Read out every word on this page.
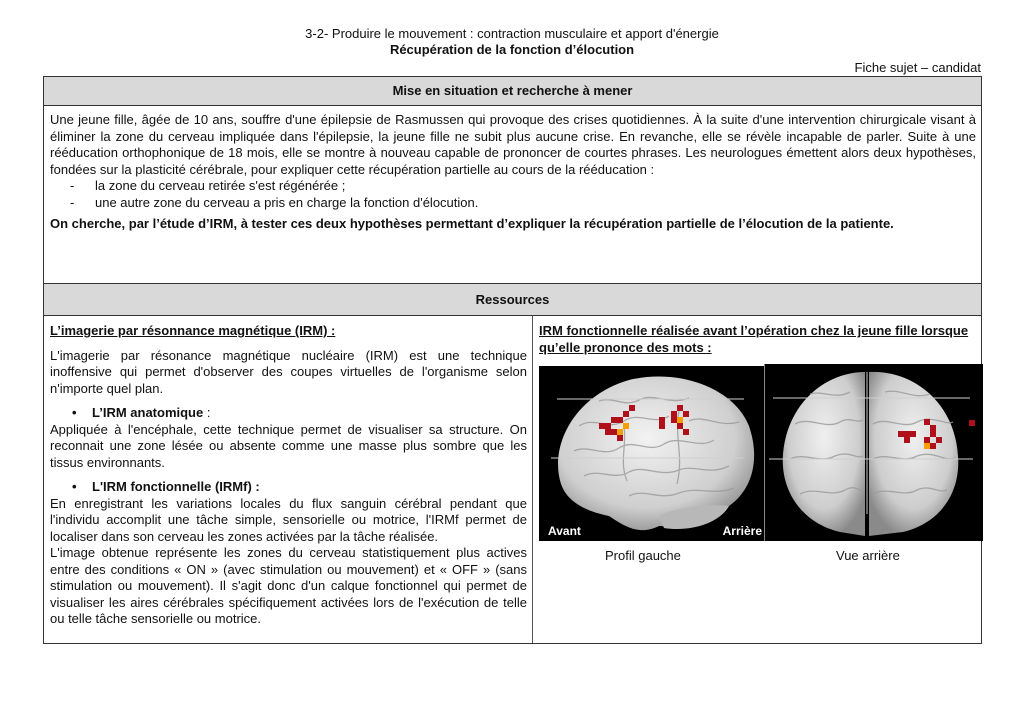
3-2- Produire le mouvement : contraction musculaire et apport d'énergie
Récupération de la fonction d’élocution
Fiche sujet – candidat
Mise en situation et recherche à mener

Une jeune fille, âgée de 10 ans, souffre d'une épilepsie de Rasmussen qui provoque des crises quotidiennes. À la suite d'une intervention chirurgicale visant à éliminer la zone du cerveau impliquée dans l'épilepsie, la jeune fille ne subit plus aucune crise. En revanche, elle se révèle incapable de parler. Suite à une rééducation orthophonique de 18 mois, elle se montre à nouveau capable de prononcer de courtes phrases. Les neurologues émettent alors deux hypothèses, fondées sur la plasticité cérébrale, pour expliquer cette récupération partielle au cours de la rééducation :

- la zone du cerveau retirée s'est régénérée ;
- une autre zone du cerveau a pris en charge la fonction d'élocution.

On cherche, par l’étude d’IRM, à tester ces deux hypothèses permettant d’expliquer la récupération partielle de l’élocution de la patiente.

Ressources

L’imagerie par résonnance magnétique (IRM) :

L'imagerie par résonance magnétique nucléaire (IRM) est une technique inoffensive qui permet d'observer des coupes virtuelles de l'organisme selon n'importe quel plan.

• L’IRM anatomique :

Appliquée à l'encéphale, cette technique permet de visualiser sa structure. On reconnait une zone lésée ou absente comme une masse plus sombre que les tissus environnants.

• L'IRM fonctionnelle (IRMf) :

En enregistrant les variations locales du flux sanguin cérébral pendant que l'individu accomplit une tâche simple, sensorielle ou motrice, l'IRMf permet de localiser dans son cerveau les zones activées par la tâche réalisée.

L'image obtenue représente les zones du cerveau statistiquement plus actives entre des conditions « ON » (avec stimulation ou mouvement) et « OFF » (sans stimulation ou mouvement). Il s'agit donc d'un calque fonctionnel qui permet de visualiser les aires cérébrales spécifiquement activées lors de l'exécution de telle ou telle tâche sensorielle ou motrice.

IRM fonctionnelle réalisée avant l’opération chez la jeune fille lorsque qu’elle prononce des mots :

Avant	Arrière
Profil gauche	Vue arrière
